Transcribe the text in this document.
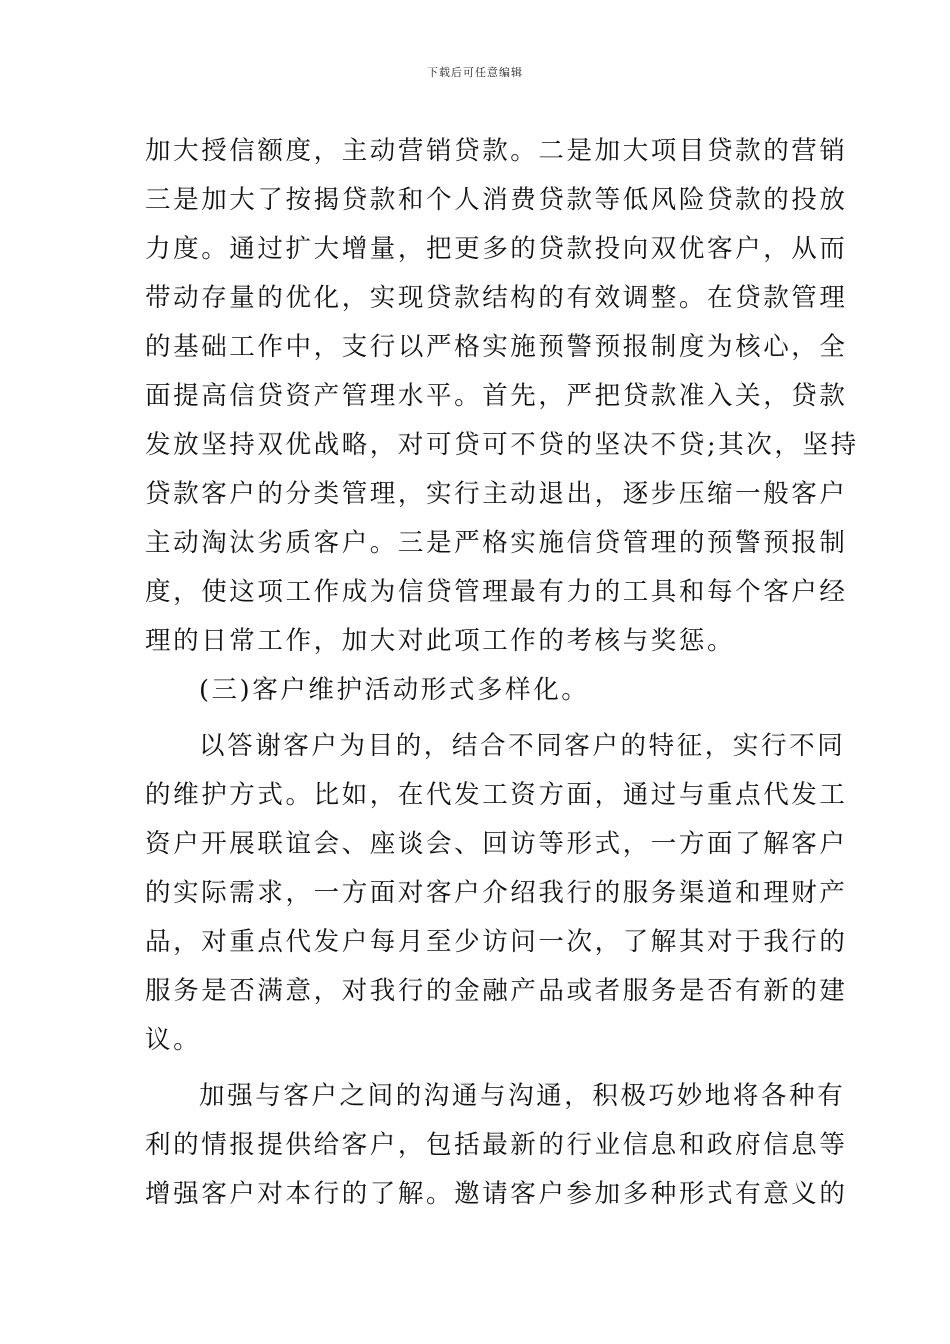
下载后可任意编辑
加大授信额度，主动营销贷款。二是加大项目贷款的营销
三是加大了按揭贷款和个人消费贷款等低风险贷款的投放
力度。通过扩大增量，把更多的贷款投向双优客户，从而
带动存量的优化，实现贷款结构的有效调整。在贷款管理
的基础工作中，支行以严格实施预警预报制度为核心，全
面提高信贷资产管理水平。首先，严把贷款准入关，贷款
发放坚持双优战略，对可贷可不贷的坚决不贷;其次，坚持
贷款客户的分类管理，实行主动退出，逐步压缩一般客户
主动淘汰劣质客户。三是严格实施信贷管理的预警预报制
度，使这项工作成为信贷管理最有力的工具和每个客户经
理的日常工作，加大对此项工作的考核与奖惩。
(三)客户维护活动形式多样化。
以答谢客户为目的，结合不同客户的特征，实行不同
的维护方式。比如，在代发工资方面，通过与重点代发工
资户开展联谊会、座谈会、回访等形式，一方面了解客户
的实际需求，一方面对客户介绍我行的服务渠道和理财产
品，对重点代发户每月至少访问一次，了解其对于我行的
服务是否满意，对我行的金融产品或者服务是否有新的建
议。
加强与客户之间的沟通与沟通，积极巧妙地将各种有
利的情报提供给客户，包括最新的行业信息和政府信息等
增强客户对本行的了解。邀请客户参加多种形式有意义的
